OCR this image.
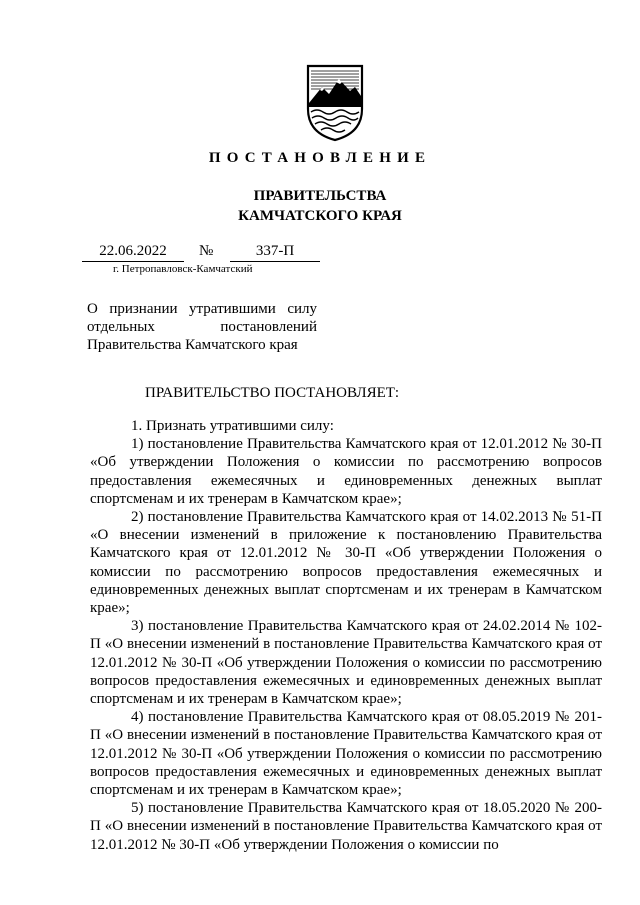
ПОСТАНОВЛЕНИЕ
ПРАВИТЕЛЬСТВА
КАМЧАТСКОГО КРАЯ
22.06.2022	№	337-П
г. Петропавловск-Камчатский
О признании утратившими силу
отдельных постановлений
Правительства Камчатского края
ПРАВИТЕЛЬСТВО ПОСТАНОВЛЯЕТ:

1. Признать утратившими силу:

1) постановление Правительства Камчатского края от 12.01.2012 № 30-П «Об утверждении Положения о комиссии по рассмотрению вопросов предоставления ежемесячных и единовременных денежных выплат спортсменам и их тренерам в Камчатском крае»;

2) постановление Правительства Камчатского края от 14.02.2013 № 51-П «О внесении изменений в приложение к постановлению Правительства Камчатского края от 12.01.2012 № 30-П «Об утверждении Положения о комиссии по рассмотрению вопросов предоставления ежемесячных и единовременных денежных выплат спортсменам и их тренерам в Камчатском крае»;

3) постановление Правительства Камчатского края от 24.02.2014 № 102-П «О внесении изменений в постановление Правительства Камчатского края от 12.01.2012 № 30-П «Об утверждении Положения о комиссии по рассмотрению вопросов предоставления ежемесячных и единовременных денежных выплат спортсменам и их тренерам в Камчатском крае»;

4) постановление Правительства Камчатского края от 08.05.2019 № 201-П «О внесении изменений в постановление Правительства Камчатского края от 12.01.2012 № 30-П «Об утверждении Положения о комиссии по рассмотрению вопросов предоставления ежемесячных и единовременных денежных выплат спортсменам и их тренерам в Камчатском крае»;

5) постановление Правительства Камчатского края от 18.05.2020 № 200-П «О внесении изменений в постановление Правительства Камчатского края от 12.01.2012 № 30-П «Об утверждении Положения о комиссии по
